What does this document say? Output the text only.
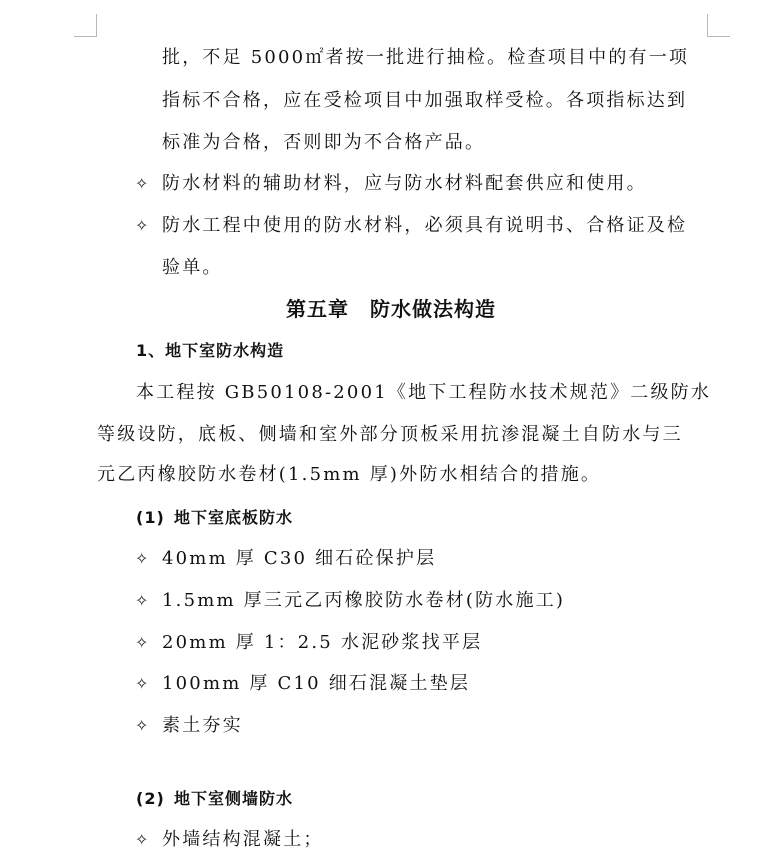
批，不足 5000㎡者按一批进行抽检。检查项目中的有一项
指标不合格，应在受检项目中加强取样受检。各项指标达到
标准为合格，否则即为不合格产品。
✧ 防水材料的辅助材料，应与防水材料配套供应和使用。
✧ 防水工程中使用的防水材料，必须具有说明书、合格证及检
验单。
第五章　防水做法构造
1、地下室防水构造
本工程按 GB50108-2001《地下工程防水技术规范》二级防水
等级设防，底板、侧墙和室外部分顶板采用抗渗混凝土自防水与三
元乙丙橡胶防水卷材(1.5mm 厚)外防水相结合的措施。
(1) 地下室底板防水
✧ 40mm 厚 C30 细石砼保护层
✧ 1.5mm 厚三元乙丙橡胶防水卷材(防水施工)
✧ 20mm 厚 1：2.5 水泥砂浆找平层
✧ 100mm 厚 C10 细石混凝土垫层
✧ 素土夯实
(2) 地下室侧墙防水
✧ 外墙结构混凝土；
